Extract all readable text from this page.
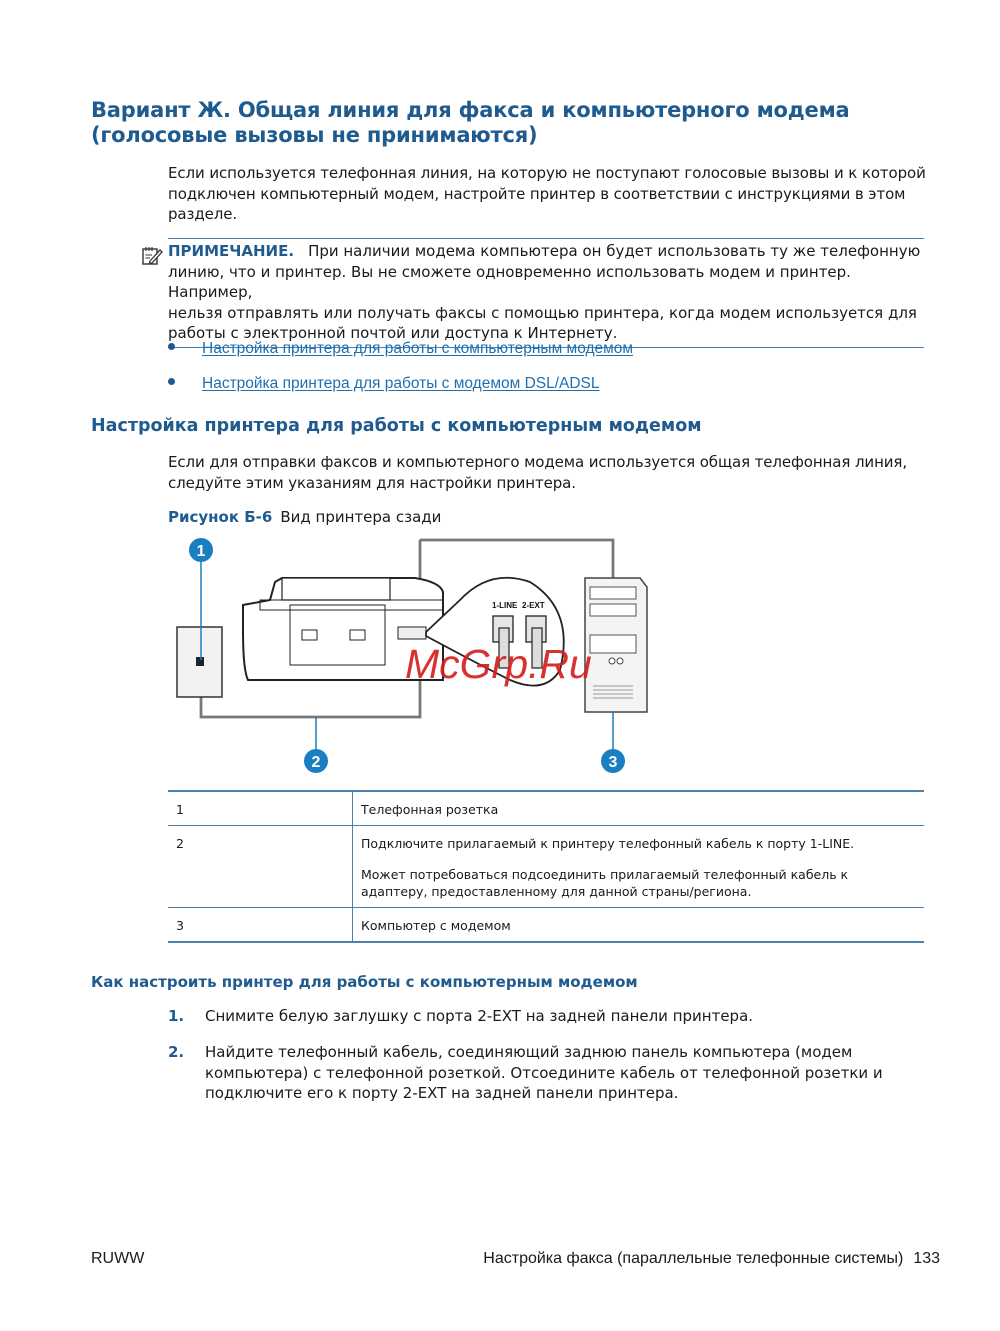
Вариант Ж. Общая линия для факса и компьютерного модема
(голосовые вызовы не принимаются)
Если используется телефонная линия, на которую не поступают голосовые вызовы и к которой
подключен компьютерный модем, настройте принтер в соответствии с инструкциями в этом
разделе.
ПРИМЕЧАНИЕ. При наличии модема компьютера он будет использовать ту же телефонную
линию, что и принтер. Вы не сможете одновременно использовать модем и принтер. Например,
нельзя отправлять или получать факсы с помощью принтера, когда модем используется для
работы с электронной почтой или доступа к Интернету.
Настройка принтера для работы с компьютерным модемом
Настройка принтера для работы с модемом DSL/ADSL
Настройка принтера для работы с компьютерным модемом
Если для отправки факсов и компьютерного модема используется общая телефонная линия,
следуйте этим указаниям для настройки принтера.
Рисунок Б-6 Вид принтера сзади
1-LINE 2-EXT
1
2	3
McGrp.Ru
1	Телефонная розетка

2	Подключите прилагаемый к принтеру телефонный кабель к порту 1-LINE.

Может потребоваться подсоединить прилагаемый телефонный кабель к адаптеру, предоставленному для данной страны/региона.

3	Компьютер с модемом

Как настроить принтер для работы с компьютерным модемом
1. Снимите белую заглушку с порта 2-EXT на задней панели принтера.
2. Найдите телефонный кабель, соединяющий заднюю панель компьютера (модем
компьютера) с телефонной розеткой. Отсоедините кабель от телефонной розетки и
подключите его к порту 2-EXT на задней панели принтера.
RUWW	Настройка факса (параллельные телефонные системы) 133
